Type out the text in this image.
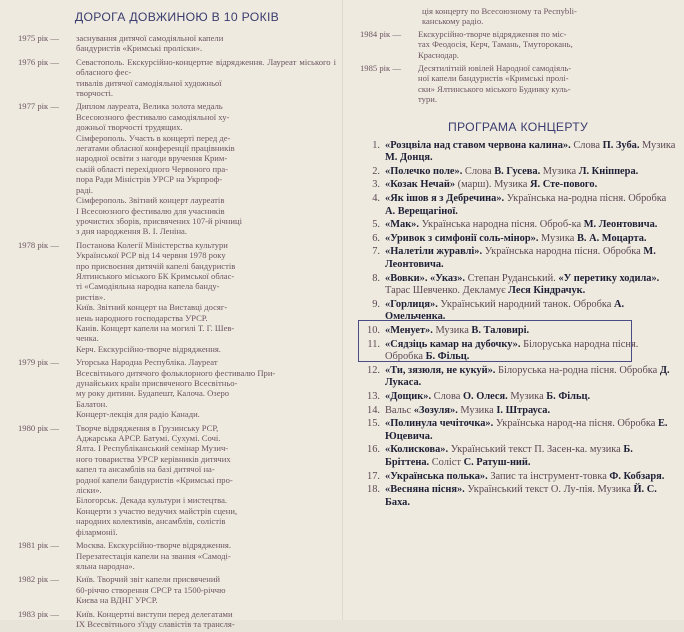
ДОРОГА ДОВЖИНОЮ В 10 РОКІВ
1975 рік —	заснування дитячої самодіяльної капели
бандуристів «Кримські проліски».
1976 рік —	Севастополь. Екскурсійно-концертне відрядження. Лауреат міського і обласного фес-
тивалів дитячої самодіяльної художньої
творчості.
1977 рік —	Диплом лауреата, Велика золота медаль
Всесоюзного фестивалю самодіяльної ху-
дожньої творчості трудящих.
Сімферополь. Участь в концерті перед де-
легатами обласної конференції працівників
народної освіти з нагоди вручення Крим-
ській області перехідного Червоного пра-
пора Ради Міністрів УРСР на Укрпроф-
раді.
Сімферополь. Звітний концерт лауреатів
І Всесоюзного фестивалю для учасників
урочистих зборів, присвячених 107-й річниці
з дня народження В. І. Леніна.
1978 рік —	Постанова Колегії Міністерства культури
Української РСР від 14 червня 1978 року
про присвоєння дитячій капелі бандуристів
Ялтинського міського БК Кримської облас-
ті «Самодіяльна народна капела банду-
ристів».
Київ. Звітний концерт на Виставці досяг-
нень народного господарства УРСР.
Канів. Концерт капели на могилі Т. Г. Шев-
ченка.
Керч. Екскурсійно-творче відрядження.
1979 рік —	Угорська Народна Республіка. Лауреат
Всесвітнього дитячого фольклорного фестивалю При-
дунайських країн присвяченого Всесвітньо-
му року дитини. Будапешт, Калоча. Озеро
Балатон.
Концерт-лекція для радіо Канади.
1980 рік —	Творче відрядження в Грузинську РСР,
Аджарська АРСР. Батумі. Сухумі. Сочі.
Ялта. І Республіканський семінар Музич-
ного товариства УРСР керівників дитячих
капел та ансамблів на базі дитячої на-
родної капели бандуристів «Кримські про-
ліски».
Білогорськ. Декада культури і мистецтва.
Концерти з участю ведучих майстрів сцени,
народних колективів, ансамблів, солістів
філармонії.
1981 рік —	Москва. Екскурсійно-творче відрядження.
Перезатестація капели на звання «Самоді-
яльна народна».
1982 рік —	Київ. Творчий звіт капели присвячений
60-річчю створення СРСР та 1500-річчю
Києва на ВДНГ УРСР.
1983 рік —	Київ. Концертні виступи перед делегатами
IX Всесвітнього з'їзду славістів та трансля-
ція концерту по Всесоюзному та Респуblі-
канському радіо.
1984 рік —	Екскурсійно-творче відрядження по міс-
тах Феодосія, Керч, Тамань, Тмуторокань,
Краснодар.
1985 рік —	Десятилітній ювілей Народної самодіяль-
ної капели бандуристів «Кримські пролі-
ски» Ялтинського міського Будинку куль-
тури.
ПРОГРАМА КОНЦЕРТУ
1. «Розцвіла над ставом червона калина». Слова П. Зуба. Музика М. Донця.
2. «Полечко поле». Слова В. Гусева. Музика Л. Кніппера.
3. «Козак Нечай» (марш). Музика Я. Сте-пового.
4. «Як ішов я з Дебречина». Українська на-родна пісня. Обробка А. Верещагіної.
5. «Мак». Українська народна пісня. Оброб-ка М. Леонтовича.
6. «Уривок з симфонії соль-мінор». Музика В. А. Моцарта.
7. «Налетіли журавлі». Українська народна пісня. Обробка М. Леонтовича.
8. «Вовки». «Указ». Степан Руданський. «У перетику ходила». Тарас Шевченко. Декламує Леся Кіндрачук.
9. «Горлиця». Український народний танок. Обробка А. Омельченка.
10. «Менует». Музика В. Таловирі.
11. «Сядзіць камар на дубочку». Білоруська народна пісня. Обробка Б. Фільц.
12. «Ти, зязюля, не кукуй». Білоруська на-родна пісня. Обробка Д. Лукаса.
13. «Дощик». Слова О. Олеся. Музика Б. Фільц.
14. Вальс «Зозуля». Музика І. Штрауса.
15. «Полинула чечіточка». Українська народ-на пісня. Обробка Е. Юцевича.
16. «Колискова». Український текст П. Засен-ка. музика Б. Бріттена. Соліст С. Ратуш-ний.
17. «Українська полька». Запис та інструмент-товка Ф. Кобзаря.
18. «Весняна пісня». Український текст О. Лу-пія. Музика Й. С. Баха.
